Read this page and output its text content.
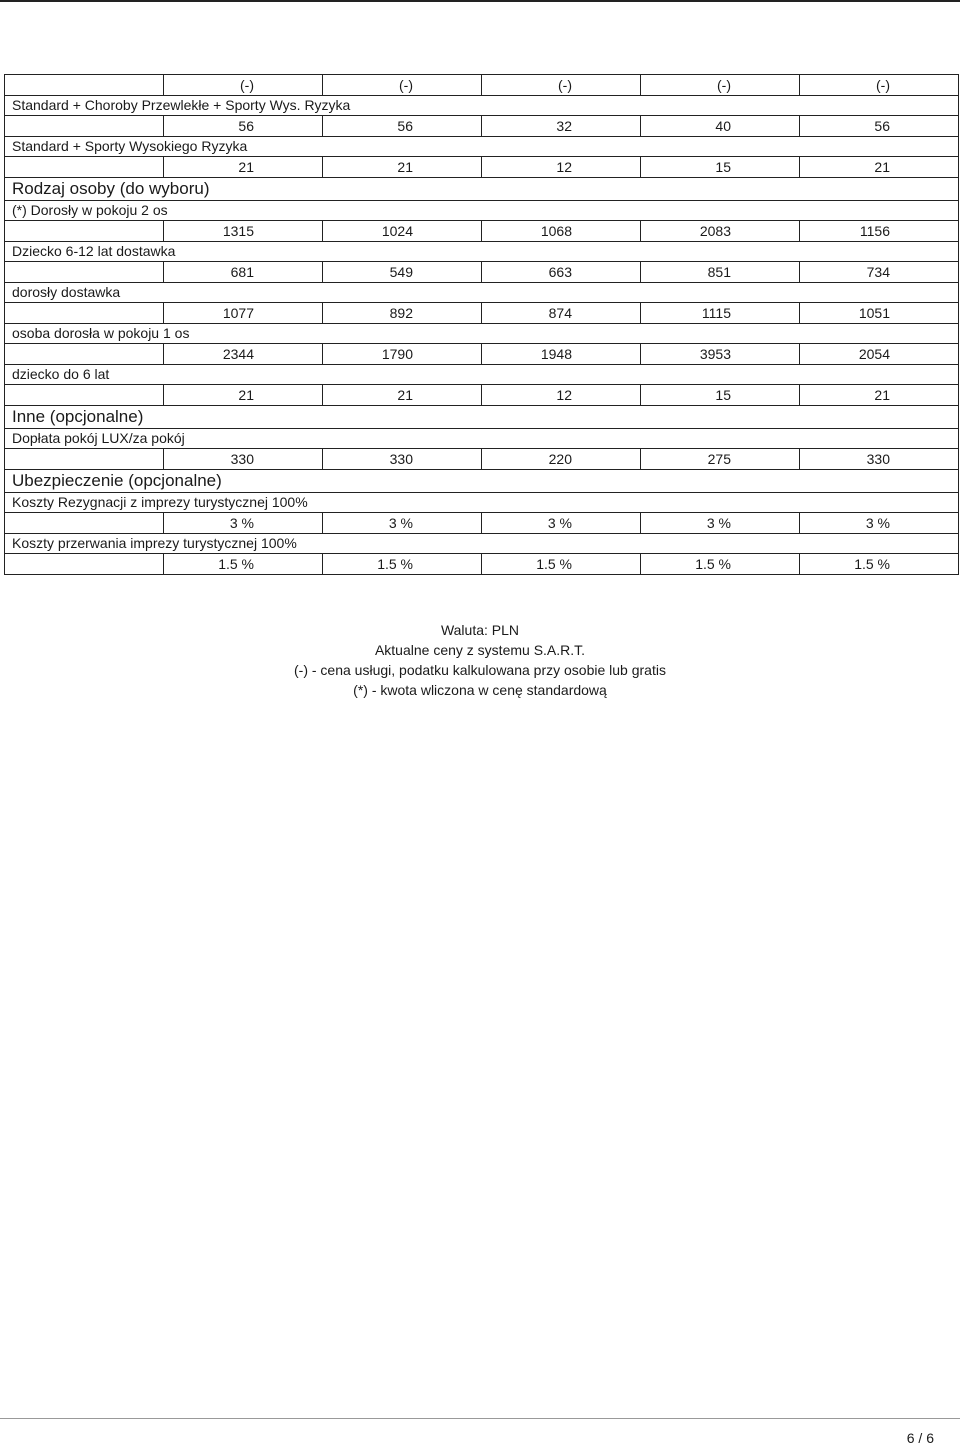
	(-)	(-)	(-)	(-)	(-)
Standard + Choroby Przewlekłe + Sporty Wys. Ryzyka					
	56	56	32	40	56
Standard + Sporty Wysokiego Ryzyka					
	21	21	12	15	21
Rodzaj osoby (do wyboru)					
(*) Dorosły w pokoju 2 os					
	1315	1024	1068	2083	1156
Dziecko 6-12 lat dostawka					
	681	549	663	851	734
dorosły dostawka					
	1077	892	874	1115	1051
osoba dorosła w pokoju 1 os					
	2344	1790	1948	3953	2054
dziecko do 6 lat					
	21	21	12	15	21
Inne (opcjonalne)					
Dopłata pokój LUX/za pokój					
	330	330	220	275	330
Ubezpieczenie (opcjonalne)					
Koszty Rezygnacji z imprezy turystycznej 100%					
	3 %	3 %	3 %	3 %	3 %
Koszty przerwania imprezy turystycznej 100%					
	1.5 %	1.5 %	1.5 %	1.5 %	1.5 %
Waluta: PLN
Aktualne ceny z systemu S.A.R.T.
(-) - cena usługi, podatku kalkulowana przy osobie lub gratis
(*) - kwota wliczona w cenę standardową
6 / 6
